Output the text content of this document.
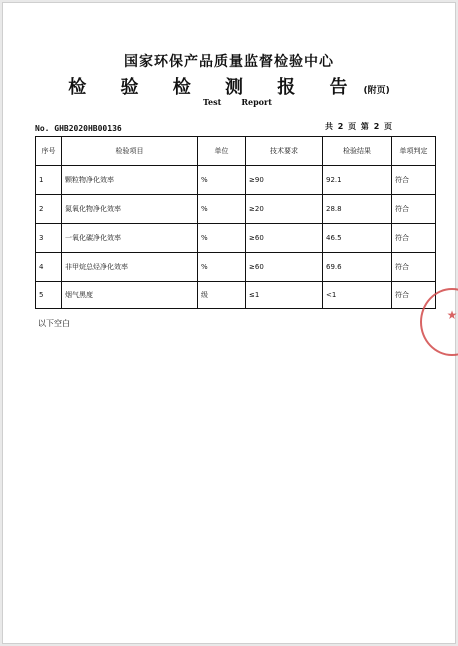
国家环保产品质量监督检验中心
检 验 检 测 报 告 (附页)
Test	Report
No. GHB2020HB00136	共 2 页 第 2 页
序号	检验项目	单位	技术要求	检验结果	单项判定
1	颗粒物净化效率	%	≥90	92.1	符合
2	氮氧化物净化效率	%	≥20	28.8	符合
3	一氧化碳净化效率	%	≥60	46.5	符合
4	非甲烷总烃净化效率	%	≥60	69.6	符合
5	烟气黑度	级	≤1	<1	符合
以下空白
★
